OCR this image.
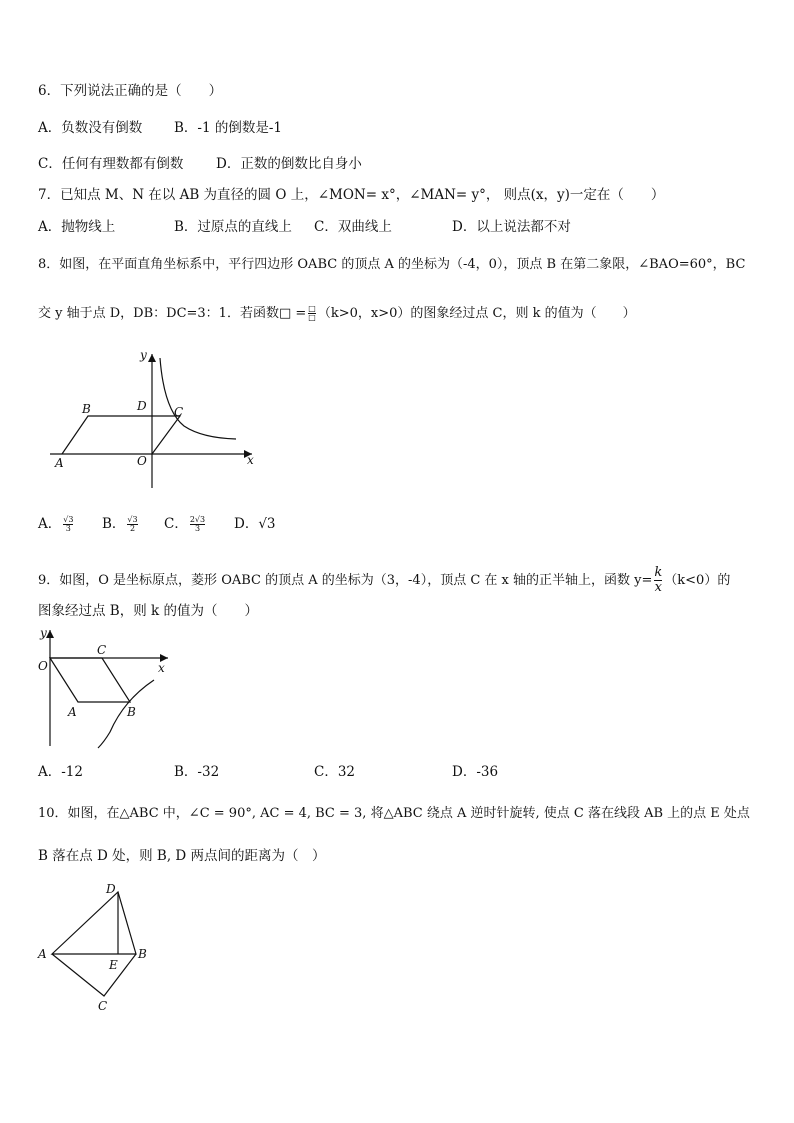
6．下列说法正确的是（　　）
A．负数没有倒数 B．-1 的倒数是-1
C．任何有理数都有倒数 D．正数的倒数比自身小
7．已知点 M、N 在以 AB 为直径的圆 O 上，∠MON= x°，∠MAN= y°， 则点(x，y)一定在（　　）
A．抛物线上	B．过原点的直线上 C．双曲线上	D．以上说法都不对
8．如图，在平面直角坐标系中，平行四边形 OABC 的顶点 A 的坐标为（-4，0），顶点 B 在第二象限，∠BAO=60°，BC
交 y 轴于点 D，DB：DC=3：1．若函数□ = $\frac{□}{□} (k>0$，x>0）的图象经过点 C，则 k 的值为（　　）
y
x
B	D C
A	O
A． $\frac{√3}{3}$ B． $\frac{√3}{2}$ C． $\frac{2√3}{3}$ D．√3
9．如图，O 是坐标原点，菱形 OABC 的顶点 A 的坐标为（3，-4），顶点 C 在 x 轴的正半轴上，函数 $y= \frac{k}{x} (k<0)$的
图象经过点 B，则 k 的值为（　　）
y
x
O
C
A	B
A．-12	B．-32	C．32	D．-36
10．如图，在△ABC 中，∠C = 90°, AC = 4, BC = 3, 将△ABC 绕点 A 逆时针旋转, 使点 C 落在线段 AB 上的点 E 处点
B 落在点 D 处，则 B, D 两点间的距离为（　）
D
A
E
B
C
